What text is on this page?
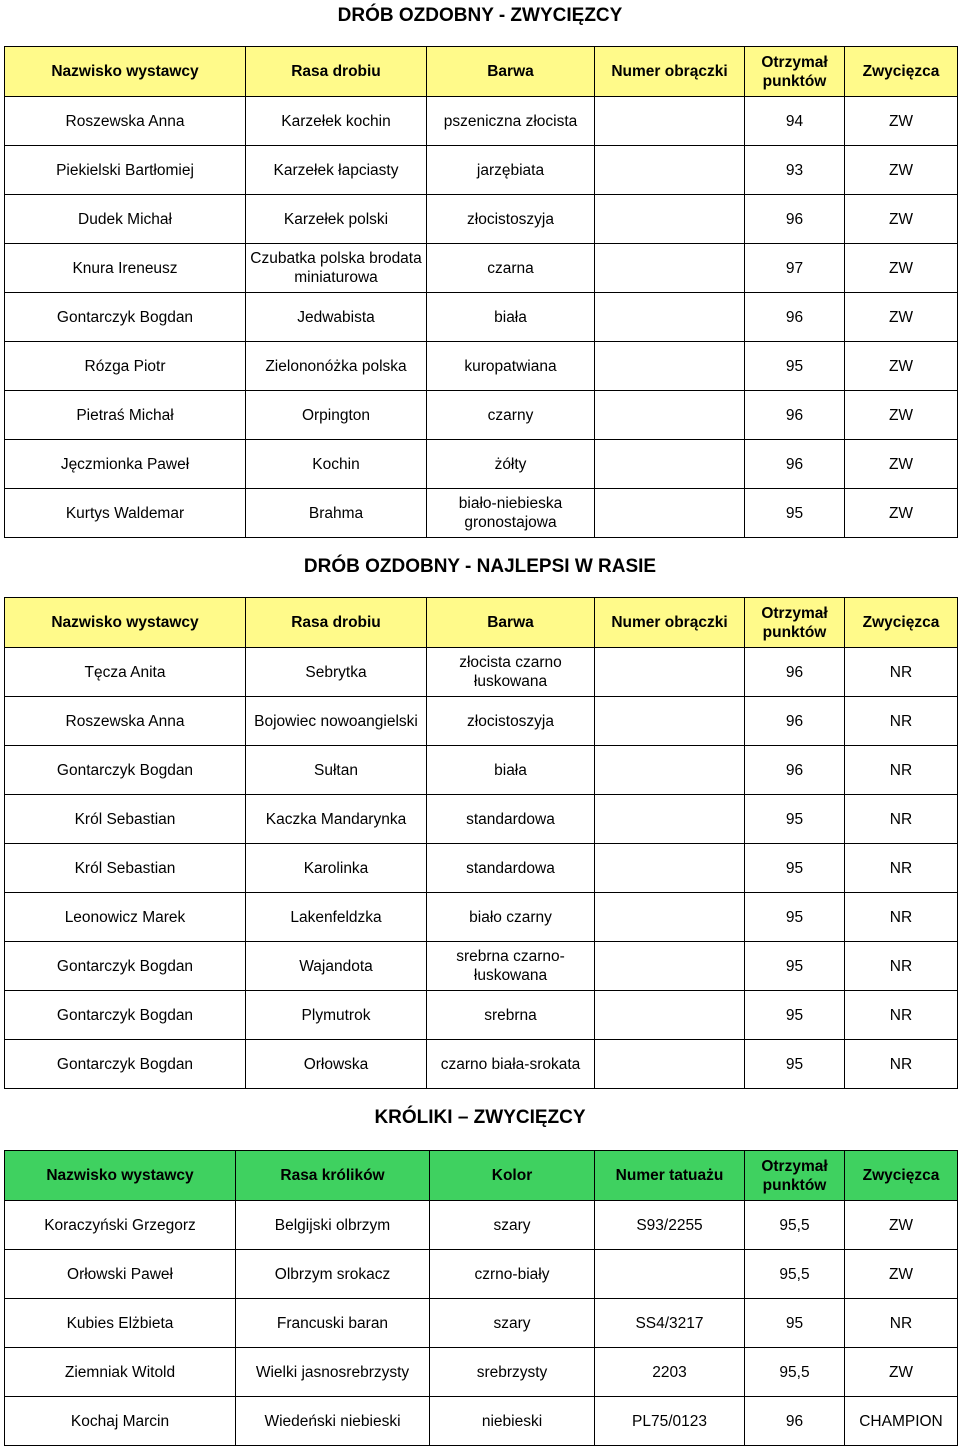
DRÓB OZDOBNY - ZWYCIĘZCY
Nazwisko wystawcy	Rasa drobiu	Barwa	Numer obrączki	Otrzymał punktów	Zwycięzca
Roszewska Anna	Karzełek kochin	pszeniczna złocista		94	ZW
Piekielski Bartłomiej	Karzełek łapciasty	jarzębiata		93	ZW
Dudek Michał	Karzełek polski	złocistoszyja		96	ZW
Knura Ireneusz	Czubatka polska brodata miniaturowa	czarna		97	ZW
Gontarczyk Bogdan	Jedwabista	biała		96	ZW
Rózga Piotr	Zielononóżka polska	kuropatwiana		95	ZW
Pietraś Michał	Orpington	czarny		96	ZW
Jęczmionka Paweł	Kochin	żółty		96	ZW
Kurtys Waldemar	Brahma	biało-niebieska gronostajowa		95	ZW
DRÓB OZDOBNY - NAJLEPSI W RASIE
Nazwisko wystawcy	Rasa drobiu	Barwa	Numer obrączki	Otrzymał punktów	Zwycięzca
Tęcza Anita	Sebrytka	złocista czarno łuskowana		96	NR
Roszewska Anna	Bojowiec nowoangielski	złocistoszyja		96	NR
Gontarczyk Bogdan	Sułtan	biała		96	NR
Król Sebastian	Kaczka Mandarynka	standardowa		95	NR
Król Sebastian	Karolinka	standardowa		95	NR
Leonowicz Marek	Lakenfeldzka	biało czarny		95	NR
Gontarczyk Bogdan	Wajandota	srebrna czarno-łuskowana		95	NR
Gontarczyk Bogdan	Plymutrok	srebrna		95	NR
Gontarczyk Bogdan	Orłowska	czarno biała-srokata		95	NR
KRÓLIKI – ZWYCIĘZCY
Nazwisko wystawcy	Rasa królików	Kolor	Numer tatuażu	Otrzymał punktów	Zwycięzca
Koraczyński Grzegorz	Belgijski olbrzym	szary	S93/2255	95,5	ZW
Orłowski Paweł	Olbrzym srokacz	czrno-biały		95,5	ZW
Kubies Elżbieta	Francuski baran	szary	SS4/3217	95	NR
Ziemniak Witold	Wielki jasnosrebrzysty	srebrzysty	2203	95,5	ZW
Kochaj Marcin	Wiedeński niebieski	niebieski	PL75/0123	96	CHAMPION
